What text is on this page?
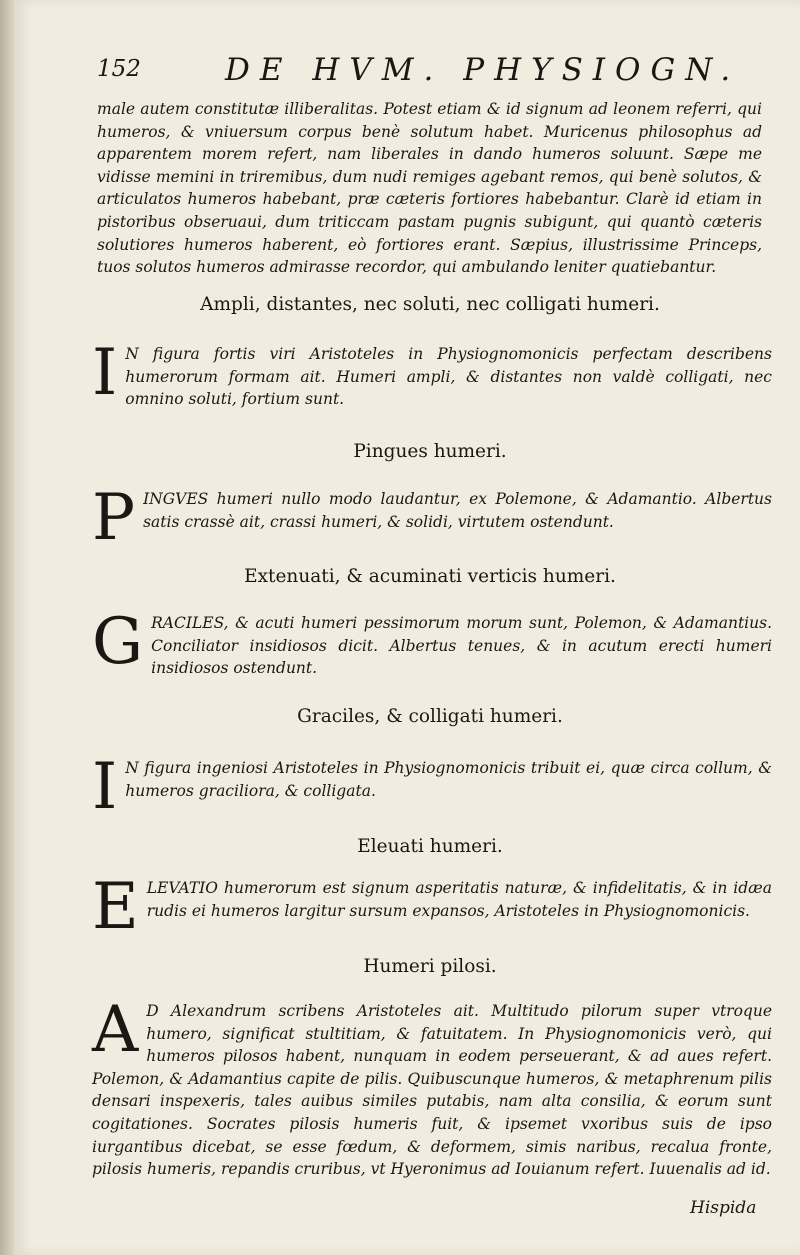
152	DE HVM. PHYSIOGN.

male autem constitutæ illiberalitas. Potest etiam & id signum ad leonem referri, qui humeros, & vniuersum corpus benè solutum habet. Muricenus philosophus ad apparentem morem refert, nam liberales in dando humeros soluunt. Sæpe me vidisse memini in triremibus, dum nudi remiges agebant remos, qui benè solutos, & articulatos humeros habebant, præ cæteris fortiores habebantur. Clarè id etiam in pistoribus obseruaui, dum triticcam pastam pugnis subigunt, qui quantò cæteris solutiores humeros haberent, eò fortiores erant. Sæpius, illustrissime Princeps, tuos solutos humeros admirasse recordor, qui ambulando leniter quatiebantur.

Ampli, distantes, nec soluti, nec colligati humeri.
I N figura fortis viri Aristoteles in Physiognomonicis perfectam describens humerorum formam ait. Humeri ampli, & distantes non valdè colligati, nec omnino soluti, fortium sunt.

Pingues humeri.
P INGVES humeri nullo modo laudantur, ex Polemone, & Adamantio. Albertus satis crassè ait, crassi humeri, & solidi, virtutem ostendunt.

Extenuati, & acuminati verticis humeri.
G RACILES, & acuti humeri pessimorum morum sunt, Polemon, & Adamantius. Conciliator insidiosos dicit. Albertus tenues, & in acutum erecti humeri insidiosos ostendunt.

Graciles, & colligati humeri.
I N figura ingeniosi Aristoteles in Physiognomonicis tribuit ei, quæ circa collum, & humeros graciliora, & colligata.

Eleuati humeri.
E LEVATIO humerorum est signum asperitatis naturæ, & infidelitatis, & in idæa rudis ei humeros largitur sursum expansos, Aristoteles in Physiognomonicis.

Humeri pilosi.
A D Alexandrum scribens Aristoteles ait. Multitudo pilorum super vtroque humero, significat stultitiam, & fatuitatem. In Physiognomonicis verò, qui humeros pilosos habent, nunquam in eodem perseuerant, & ad aues refert. Polemon, & Adamantius capite de pilis. Quibuscunque humeros, & metaphrenum pilis densari inspexeris, tales auibus similes putabis, nam alta consilia, & eorum sunt cogitationes. Socrates pilosis humeris fuit, & ipsemet vxoribus suis de ipso iurgantibus dicebat, se esse fœdum, & deformem, simis naribus, recalua fronte, pilosis humeris, repandis cruribus, vt Hyeronimus ad Iouianum refert. Iuuenalis ad id.

Hispida
